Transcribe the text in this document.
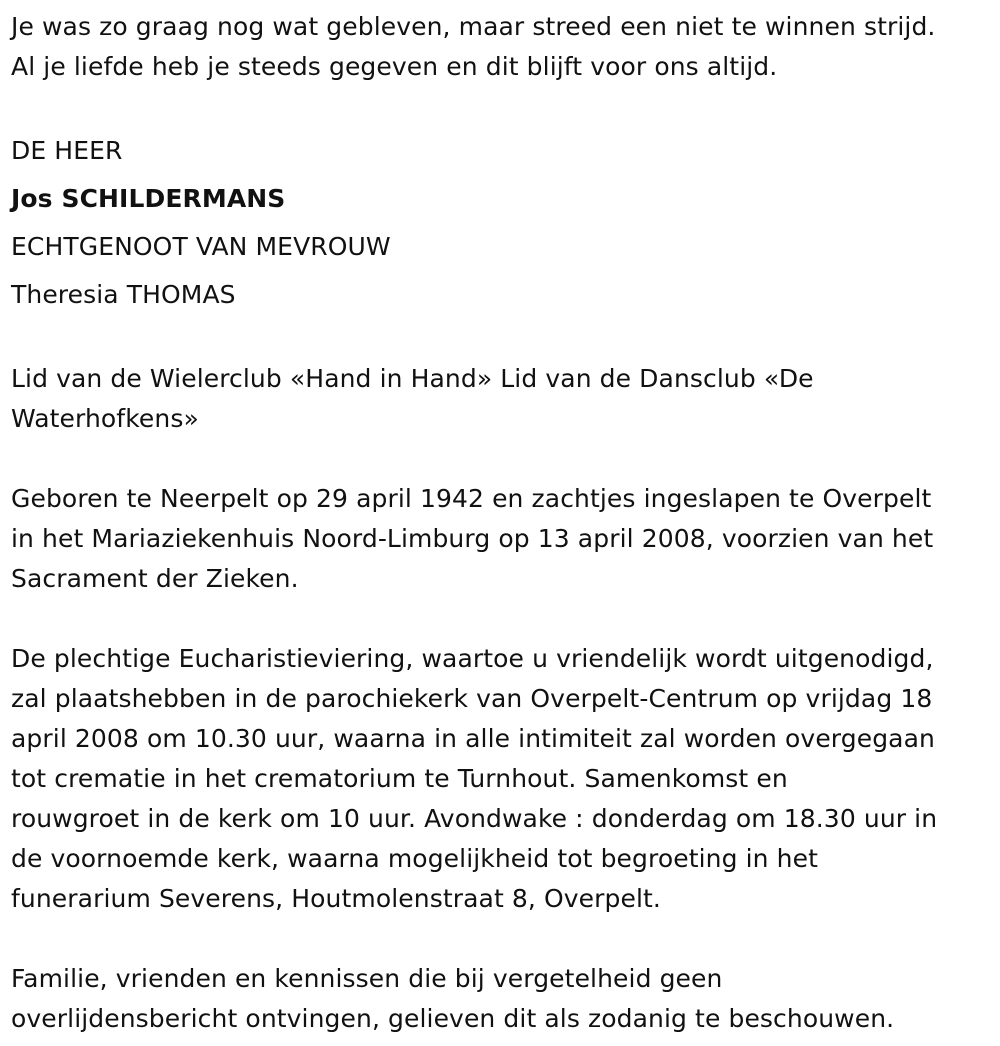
Je was zo graag nog wat gebleven, maar streed een niet te winnen strijd.

Al je liefde heb je steeds gegeven en dit blijft voor ons altijd.

DE HEER

Jos SCHILDERMANS

ECHTGENOOT VAN MEVROUW

Theresia THOMAS

Lid van de Wielerclub «Hand in Hand» Lid van de Dansclub «De

Waterhofkens»

Geboren te Neerpelt op 29 april 1942 en zachtjes ingeslapen te Overpelt

in het Mariaziekenhuis Noord-Limburg op 13 april 2008, voorzien van het

Sacrament der Zieken.

De plechtige Eucharistieviering, waartoe u vriendelijk wordt uitgenodigd,

zal plaatshebben in de parochiekerk van Overpelt-Centrum op vrijdag 18

april 2008 om 10.30 uur, waarna in alle intimiteit zal worden overgegaan

tot crematie in het crematorium te Turnhout. Samenkomst en

rouwgroet in de kerk om 10 uur. Avondwake : donderdag om 18.30 uur in

de voornoemde kerk, waarna mogelijkheid tot begroeting in het

funerarium Severens, Houtmolenstraat 8, Overpelt.

Familie, vrienden en kennissen die bij vergetelheid geen

overlijdensbericht ontvingen, gelieven dit als zodanig te beschouwen.
